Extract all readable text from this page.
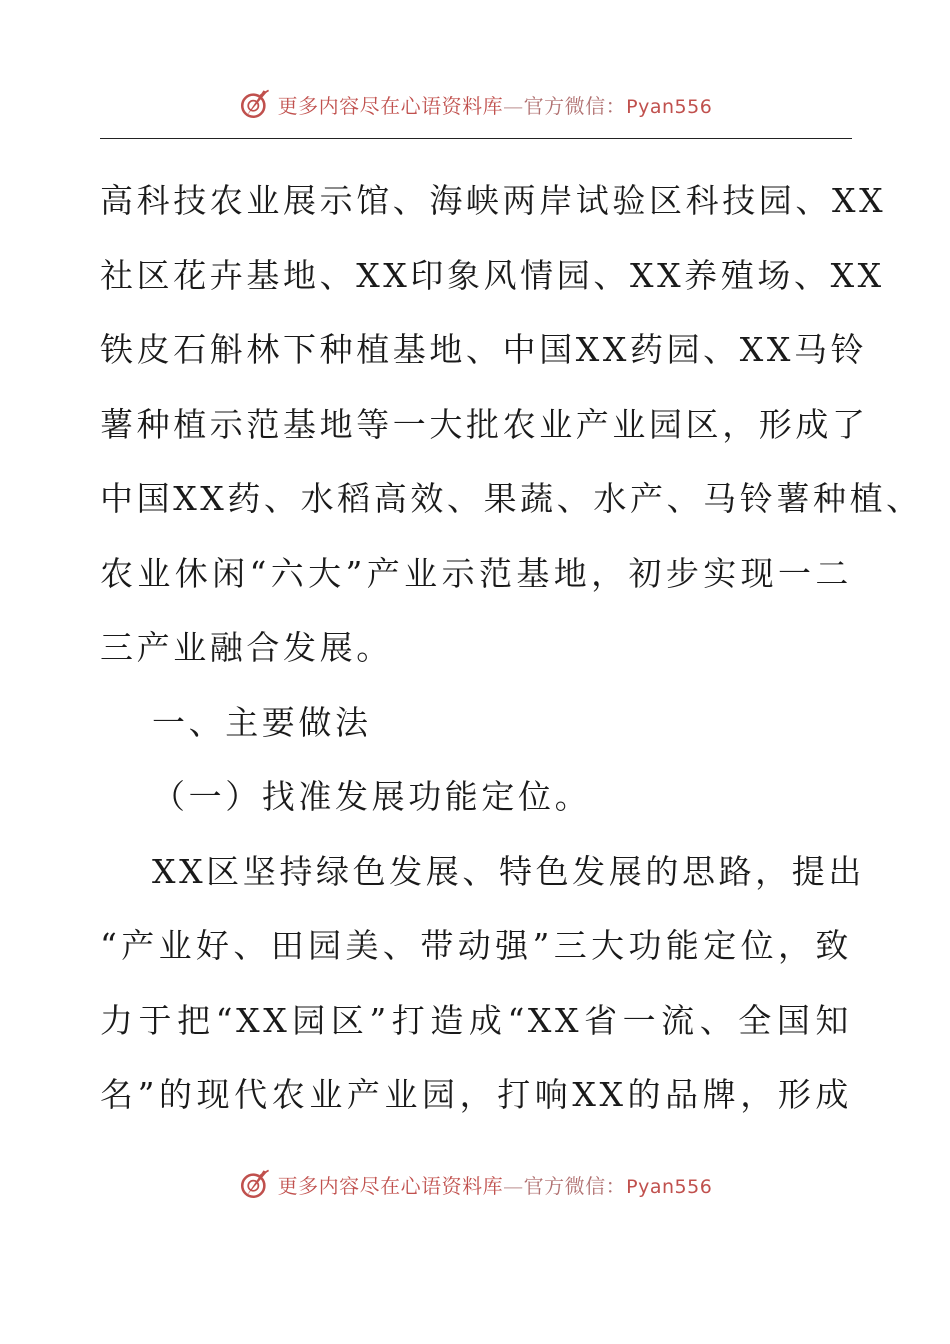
更多内容尽在心语资料库—官方微信：Pyan556
高科技农业展示馆、海峡两岸试验区科技园、XX
社区花卉基地、XX印象风情园、XX养殖场、XX
铁皮石斛林下种植基地、中国XX药园、XX马铃
薯种植示范基地等一大批农业产业园区，形成了
中国XX药、水稻高效、果蔬、水产、马铃薯种植、
农业休闲“六大”产业示范基地，初步实现一二
三产业融合发展。
一、主要做法
（一）找准发展功能定位。
XX区坚持绿色发展、特色发展的思路，提出
“产业好、田园美、带动强”三大功能定位，致
力于把“XX园区”打造成“XX省一流、全国知
名”的现代农业产业园，打响XX的品牌，形成
更多内容尽在心语资料库—官方微信：Pyan556
